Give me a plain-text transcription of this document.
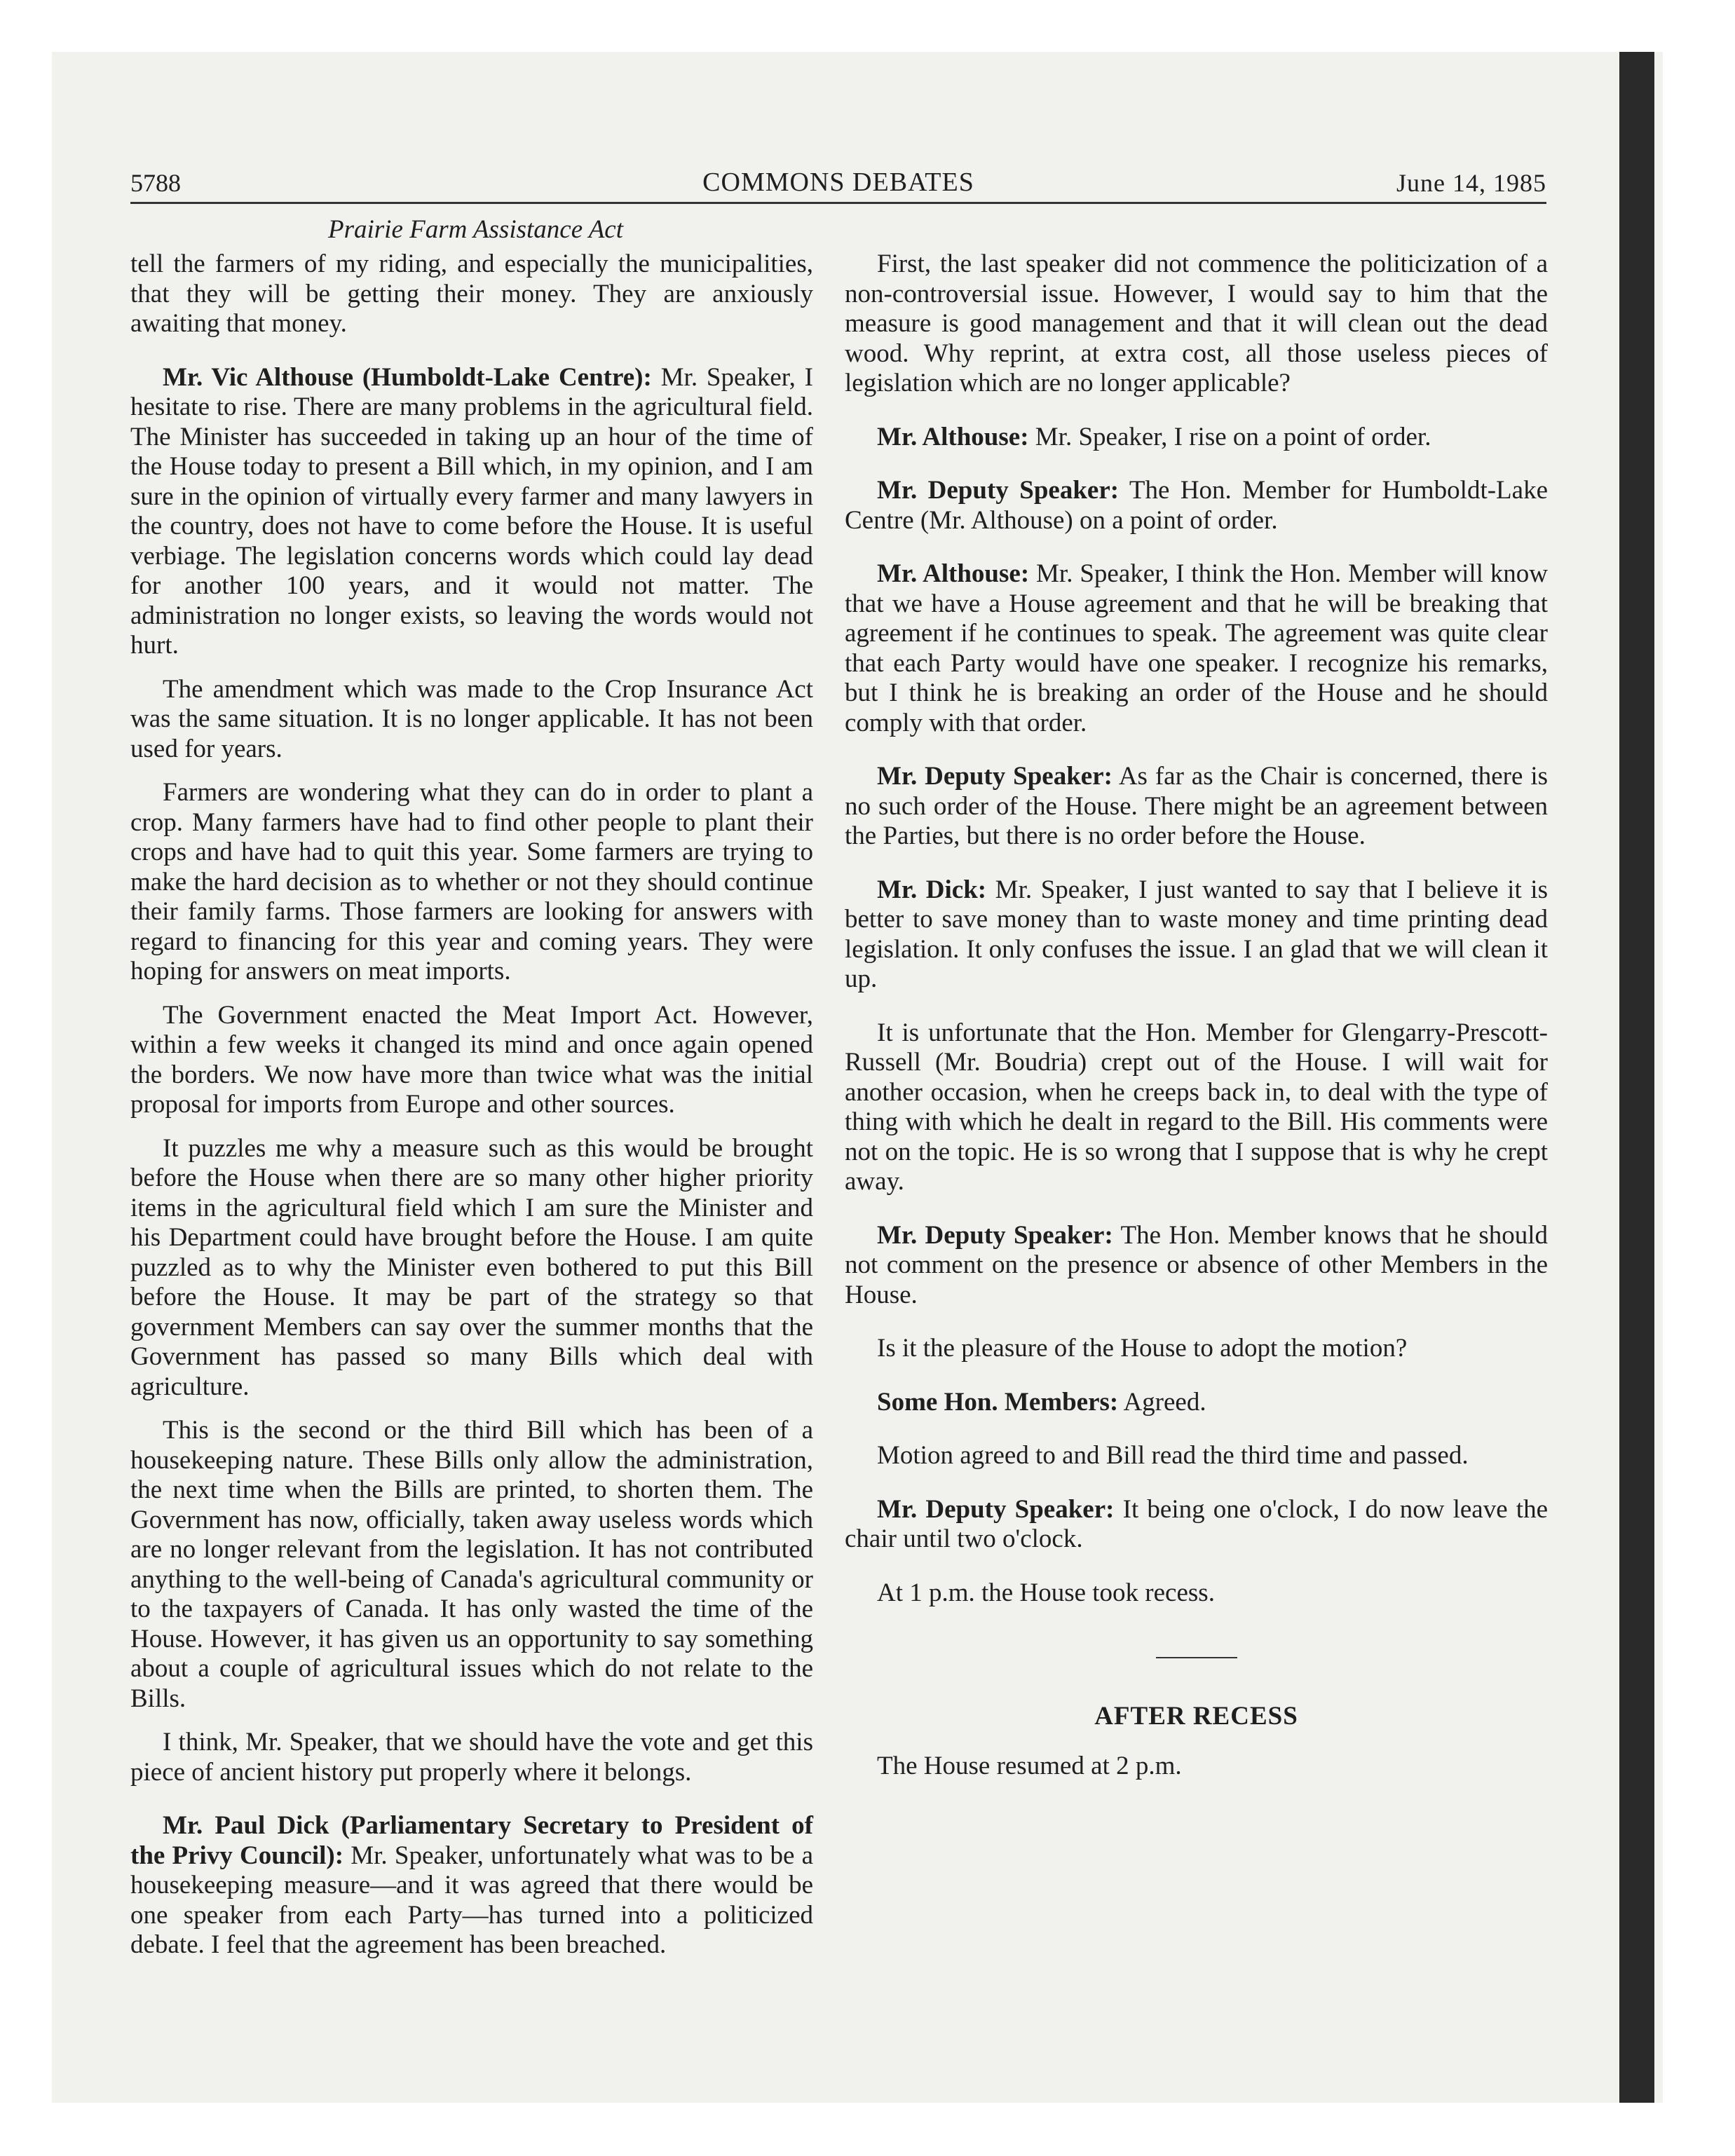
5788	COMMONS DEBATES	June 14, 1985
Prairie Farm Assistance Act

tell the farmers of my riding, and especially the municipalities, that they will be getting their money. They are anxiously awaiting that money.

Mr. Vic Althouse (Humboldt-Lake Centre): Mr. Speaker, I hesitate to rise. There are many problems in the agricultural field. The Minister has succeeded in taking up an hour of the time of the House today to present a Bill which, in my opinion, and I am sure in the opinion of virtually every farmer and many lawyers in the country, does not have to come before the House. It is useful verbiage. The legislation concerns words which could lay dead for another 100 years, and it would not matter. The administration no longer exists, so leaving the words would not hurt.

The amendment which was made to the Crop Insurance Act was the same situation. It is no longer applicable. It has not been used for years.

Farmers are wondering what they can do in order to plant a crop. Many farmers have had to find other people to plant their crops and have had to quit this year. Some farmers are trying to make the hard decision as to whether or not they should continue their family farms. Those farmers are looking for answers with regard to financing for this year and coming years. They were hoping for answers on meat imports.

The Government enacted the Meat Import Act. However, within a few weeks it changed its mind and once again opened the borders. We now have more than twice what was the initial proposal for imports from Europe and other sources.

It puzzles me why a measure such as this would be brought before the House when there are so many other higher priority items in the agricultural field which I am sure the Minister and his Department could have brought before the House. I am quite puzzled as to why the Minister even bothered to put this Bill before the House. It may be part of the strategy so that government Members can say over the summer months that the Government has passed so many Bills which deal with agriculture.

This is the second or the third Bill which has been of a housekeeping nature. These Bills only allow the administration, the next time when the Bills are printed, to shorten them. The Government has now, officially, taken away useless words which are no longer relevant from the legislation. It has not contributed anything to the well-being of Canada's agricultural community or to the taxpayers of Canada. It has only wasted the time of the House. However, it has given us an opportunity to say something about a couple of agricultural issues which do not relate to the Bills.

I think, Mr. Speaker, that we should have the vote and get this piece of ancient history put properly where it belongs.

Mr. Paul Dick (Parliamentary Secretary to President of the Privy Council): Mr. Speaker, unfortunately what was to be a housekeeping measure—and it was agreed that there would be one speaker from each Party—has turned into a politicized debate. I feel that the agreement has been breached.

First, the last speaker did not commence the politicization of a non-controversial issue. However, I would say to him that the measure is good management and that it will clean out the dead wood. Why reprint, at extra cost, all those useless pieces of legislation which are no longer applicable?

Mr. Althouse: Mr. Speaker, I rise on a point of order.

Mr. Deputy Speaker: The Hon. Member for Humboldt-Lake Centre (Mr. Althouse) on a point of order.

Mr. Althouse: Mr. Speaker, I think the Hon. Member will know that we have a House agreement and that he will be breaking that agreement if he continues to speak. The agreement was quite clear that each Party would have one speaker. I recognize his remarks, but I think he is breaking an order of the House and he should comply with that order.

Mr. Deputy Speaker: As far as the Chair is concerned, there is no such order of the House. There might be an agreement between the Parties, but there is no order before the House.

Mr. Dick: Mr. Speaker, I just wanted to say that I believe it is better to save money than to waste money and time printing dead legislation. It only confuses the issue. I an glad that we will clean it up.

It is unfortunate that the Hon. Member for Glengarry-Prescott-Russell (Mr. Boudria) crept out of the House. I will wait for another occasion, when he creeps back in, to deal with the type of thing with which he dealt in regard to the Bill. His comments were not on the topic. He is so wrong that I suppose that is why he crept away.

Mr. Deputy Speaker: The Hon. Member knows that he should not comment on the presence or absence of other Members in the House.

Is it the pleasure of the House to adopt the motion?

Some Hon. Members: Agreed.

Motion agreed to and Bill read the third time and passed.

Mr. Deputy Speaker: It being one o'clock, I do now leave the chair until two o'clock.

At 1 p.m. the House took recess.

AFTER RECESS

The House resumed at 2 p.m.
